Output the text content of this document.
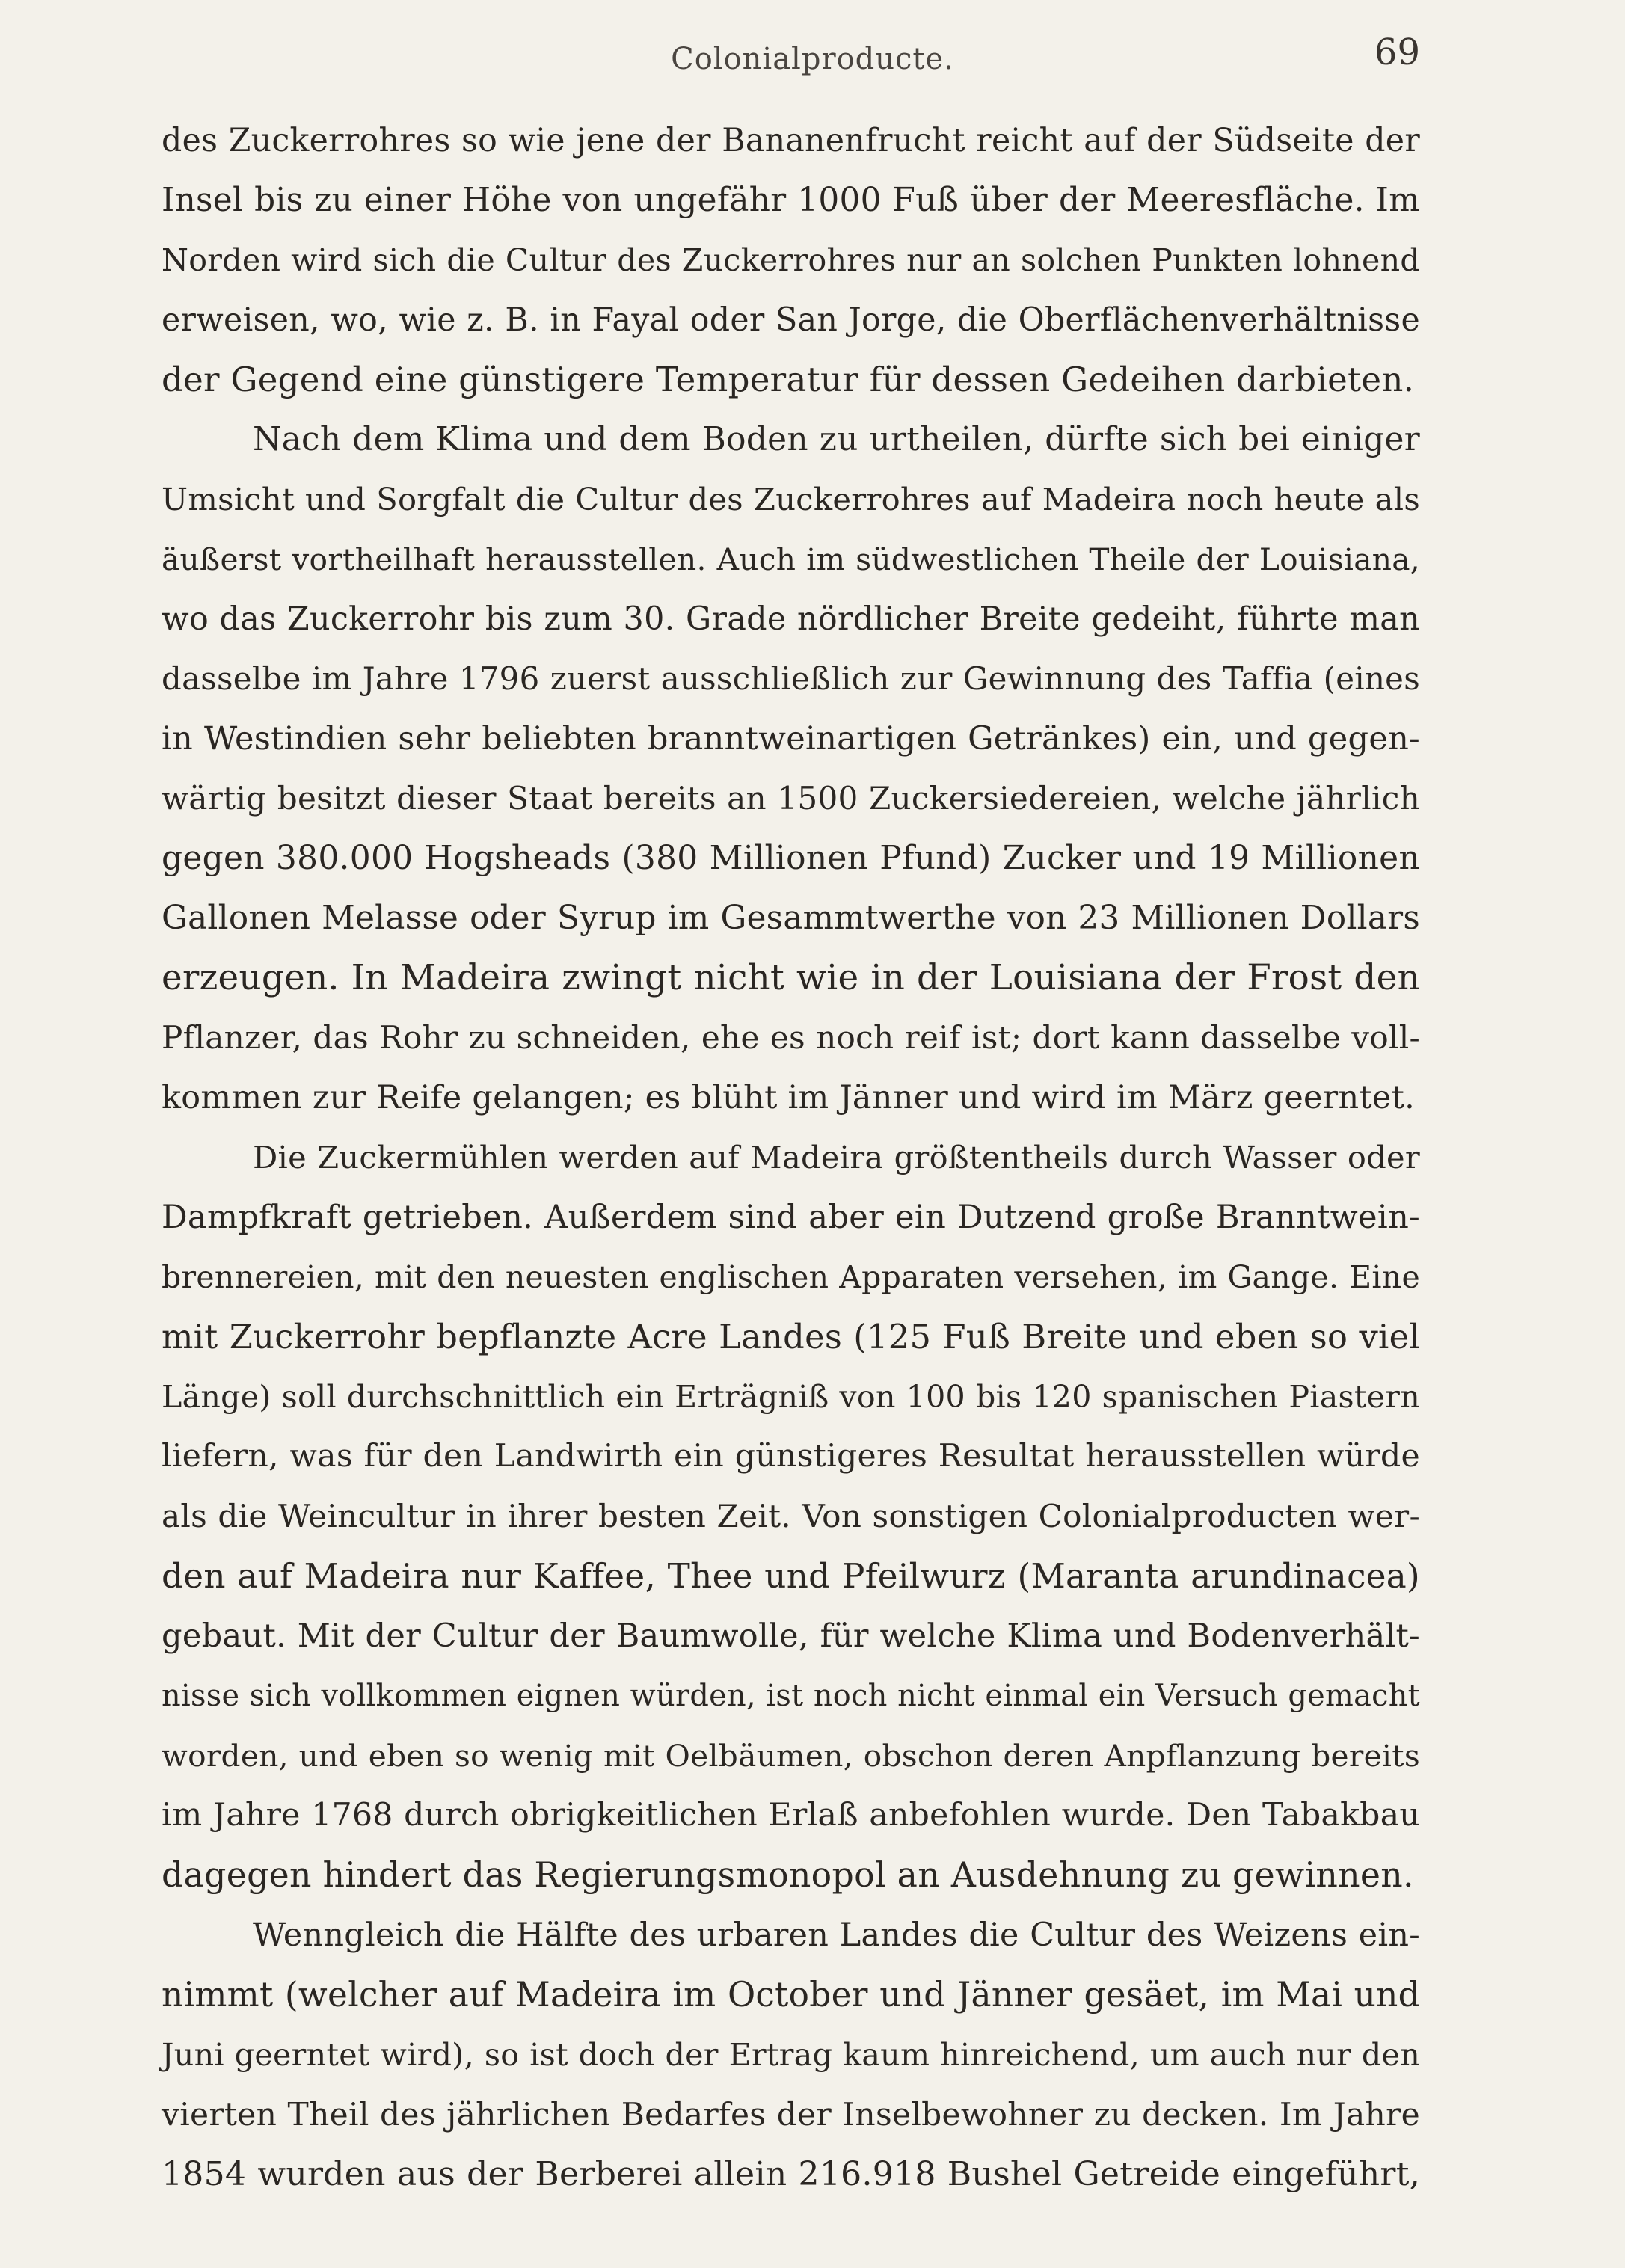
Colonialproducte.	69
des Zuckerrohres so wie jene der Bananenfrucht reicht auf der Südseite der
Insel bis zu einer Höhe von ungefähr 1000 Fuß über der Meeresfläche. Im
Norden wird sich die Cultur des Zuckerrohres nur an solchen Punkten lohnend
erweisen, wo, wie z. B. in Fayal oder San Jorge, die Oberflächenverhältnisse
der Gegend eine günstigere Temperatur für dessen Gedeihen darbieten.
Nach dem Klima und dem Boden zu urtheilen, dürfte sich bei einiger
Umsicht und Sorgfalt die Cultur des Zuckerrohres auf Madeira noch heute als
äußerst vortheilhaft herausstellen. Auch im südwestlichen Theile der Louisiana,
wo das Zuckerrohr bis zum 30. Grade nördlicher Breite gedeiht, führte man
dasselbe im Jahre 1796 zuerst ausschließlich zur Gewinnung des Taffia (eines
in Westindien sehr beliebten branntweinartigen Getränkes) ein, und gegen-
wärtig besitzt dieser Staat bereits an 1500 Zuckersiedereien, welche jährlich
gegen 380.000 Hogsheads (380 Millionen Pfund) Zucker und 19 Millionen
Gallonen Melasse oder Syrup im Gesammtwerthe von 23 Millionen Dollars
erzeugen. In Madeira zwingt nicht wie in der Louisiana der Frost den
Pflanzer, das Rohr zu schneiden, ehe es noch reif ist; dort kann dasselbe voll-
kommen zur Reife gelangen; es blüht im Jänner und wird im März geerntet.
Die Zuckermühlen werden auf Madeira größtentheils durch Wasser oder
Dampfkraft getrieben. Außerdem sind aber ein Dutzend große Branntwein-
brennereien, mit den neuesten englischen Apparaten versehen, im Gange. Eine
mit Zuckerrohr bepflanzte Acre Landes (125 Fuß Breite und eben so viel
Länge) soll durchschnittlich ein Erträgniß von 100 bis 120 spanischen Piastern
liefern, was für den Landwirth ein günstigeres Resultat herausstellen würde
als die Weincultur in ihrer besten Zeit. Von sonstigen Colonialproducten wer-
den auf Madeira nur Kaffee, Thee und Pfeilwurz (Maranta arundinacea)
gebaut. Mit der Cultur der Baumwolle, für welche Klima und Bodenverhält-
nisse sich vollkommen eignen würden, ist noch nicht einmal ein Versuch gemacht
worden, und eben so wenig mit Oelbäumen, obschon deren Anpflanzung bereits
im Jahre 1768 durch obrigkeitlichen Erlaß anbefohlen wurde. Den Tabakbau
dagegen hindert das Regierungsmonopol an Ausdehnung zu gewinnen.
Wenngleich die Hälfte des urbaren Landes die Cultur des Weizens ein-
nimmt (welcher auf Madeira im October und Jänner gesäet, im Mai und
Juni geerntet wird), so ist doch der Ertrag kaum hinreichend, um auch nur den
vierten Theil des jährlichen Bedarfes der Inselbewohner zu decken. Im Jahre
1854 wurden aus der Berberei allein 216.918 Bushel Getreide eingeführt,
